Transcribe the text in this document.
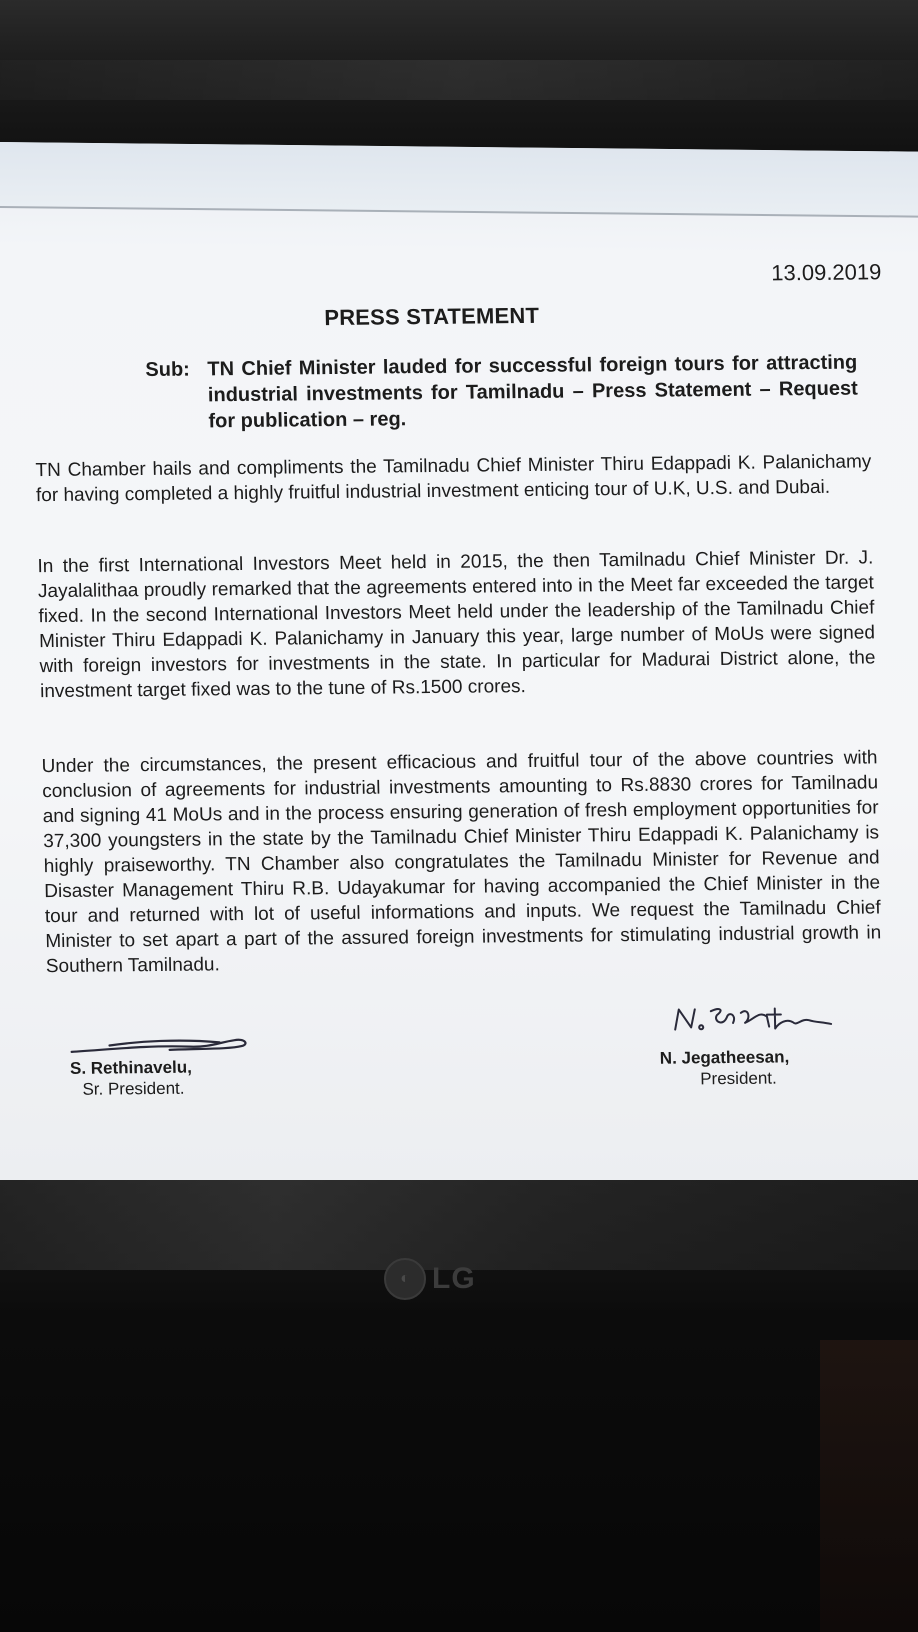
13.09.2019
PRESS STATEMENT
Sub: TN Chief Minister lauded for successful foreign tours for attracting industrial investments for Tamilnadu – Press Statement – Request for publication – reg.
TN Chamber hails and compliments the Tamilnadu Chief Minister Thiru Edappadi K. Palanichamy for having completed a highly fruitful industrial investment enticing tour of U.K, U.S. and Dubai.
In the first International Investors Meet held in 2015, the then Tamilnadu Chief Minister Dr. J. Jayalalithaa proudly remarked that the agreements entered into in the Meet far exceeded the target fixed. In the second International Investors Meet held under the leadership of the Tamilnadu Chief Minister Thiru Edappadi K. Palanichamy in January this year, large number of MoUs were signed with foreign investors for investments in the state. In particular for Madurai District alone, the investment target fixed was to the tune of Rs.1500 crores.
Under the circumstances, the present efficacious and fruitful tour of the above countries with conclusion of agreements for industrial investments amounting to Rs.8830 crores for Tamilnadu and signing 41 MoUs and in the process ensuring generation of fresh employment opportunities for 37,300 youngsters in the state by the Tamilnadu Chief Minister Thiru Edappadi K. Palanichamy is highly praiseworthy. TN Chamber also congratulates the Tamilnadu Minister for Revenue and Disaster Management Thiru R.B. Udayakumar for having accompanied the Chief Minister in the tour and returned with lot of useful informations and inputs. We request the Tamilnadu Chief Minister to set apart a part of the assured foreign investments for stimulating industrial growth in Southern Tamilnadu.
S. Rethinavelu,
Sr. President.
N. Jegatheesan,
President.
◐ LG
